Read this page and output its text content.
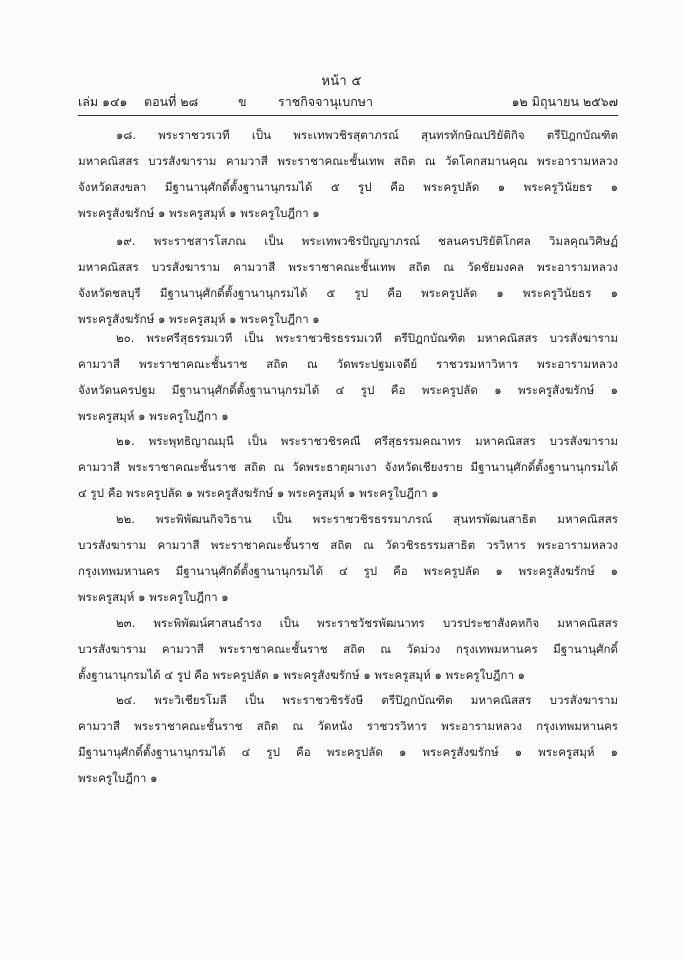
หน้า ๕
เล่ม ๑๔๑ ตอนที่ ๒๘	ข	ราชกิจจานุเบกษา	๑๒ มิถุนายน ๒๕๖๗
๑๘. พระราชวรเวที เป็น พระเทพวชิรสุตาภรณ์ สุนทรทักษิณปริยัติกิจ ตรีปิฎกบัณฑิต
มหาคณิสสร บวรสังฆาราม คามวาสี พระราชาคณะชั้นเทพ สถิต ณ วัดโคกสมานคุณ พระอารามหลวง
จังหวัดสงขลา มีฐานานุศักดิ์ตั้งฐานานุกรมได้ ๕ รูป คือ พระครูปลัด ๑ พระครูวินัยธร ๑
พระครูสังฆรักษ์ ๑ พระครูสมุห์ ๑ พระครูใบฎีกา ๑
๑๙. พระราชสารโสภณ เป็น พระเทพวชิรปัญญาภรณ์ ชลนครปริยัติโกศล วิมลคุณวิศิษฏ์
มหาคณิสสร บวรสังฆาราม คามวาสี พระราชาคณะชั้นเทพ สถิต ณ วัดชัยมงคล พระอารามหลวง
จังหวัดชลบุรี มีฐานานุศักดิ์ตั้งฐานานุกรมได้ ๕ รูป คือ พระครูปลัด ๑ พระครูวินัยธร ๑
พระครูสังฆรักษ์ ๑ พระครูสมุห์ ๑ พระครูใบฎีกา ๑
๒๐. พระศรีสุธรรมเวที เป็น พระราชวชิรธรรมเวที ตรีปิฎกบัณฑิต มหาคณิสสร บวรสังฆาราม
คามวาสี พระราชาคณะชั้นราช สถิต ณ วัดพระปฐมเจดีย์ ราชวรมหาวิหาร พระอารามหลวง
จังหวัดนครปฐม มีฐานานุศักดิ์ตั้งฐานานุกรมได้ ๔ รูป คือ พระครูปลัด ๑ พระครูสังฆรักษ์ ๑
พระครูสมุห์ ๑ พระครูใบฎีกา ๑
๒๑. พระพุทธิญาณมุนี เป็น พระราชวชิรคณี ศรีสุธรรมคณาทร มหาคณิสสร บวรสังฆาราม
คามวาสี พระราชาคณะชั้นราช สถิต ณ วัดพระธาตุผาเงา จังหวัดเชียงราย มีฐานานุศักดิ์ตั้งฐานานุกรมได้
๔ รูป คือ พระครูปลัด ๑ พระครูสังฆรักษ์ ๑ พระครูสมุห์ ๑ พระครูใบฎีกา ๑
๒๒. พระพิพัฒนกิจวิธาน เป็น พระราชวชิรธรรมาภรณ์ สุนทรพัฒนสาธิต มหาคณิสสร
บวรสังฆาราม คามวาสี พระราชาคณะชั้นราช สถิต ณ วัดวชิรธรรมสาธิต วรวิหาร พระอารามหลวง
กรุงเทพมหานคร มีฐานานุศักดิ์ตั้งฐานานุกรมได้ ๔ รูป คือ พระครูปลัด ๑ พระครูสังฆรักษ์ ๑
พระครูสมุห์ ๑ พระครูใบฎีกา ๑
๒๓. พระพิพัฒน์ศาสนธำรง เป็น พระราชวัชรพัฒนาทร บวรประชาสังคหกิจ มหาคณิสสร
บวรสังฆาราม คามวาสี พระราชาคณะชั้นราช สถิต ณ วัดม่วง กรุงเทพมหานคร มีฐานานุศักดิ์
ตั้งฐานานุกรมได้ ๔ รูป คือ พระครูปลัด ๑ พระครูสังฆรักษ์ ๑ พระครูสมุห์ ๑ พระครูใบฎีกา ๑
๒๔. พระวิเชียรโมลี เป็น พระราชวชิรรังษี ตรีปิฎกบัณฑิต มหาคณิสสร บวรสังฆาราม
คามวาสี พระราชาคณะชั้นราช สถิต ณ วัดหนัง ราชวรวิหาร พระอารามหลวง กรุงเทพมหานคร
มีฐานานุศักดิ์ตั้งฐานานุกรมได้ ๔ รูป คือ พระครูปลัด ๑ พระครูสังฆรักษ์ ๑ พระครูสมุห์ ๑
พระครูใบฎีกา ๑
